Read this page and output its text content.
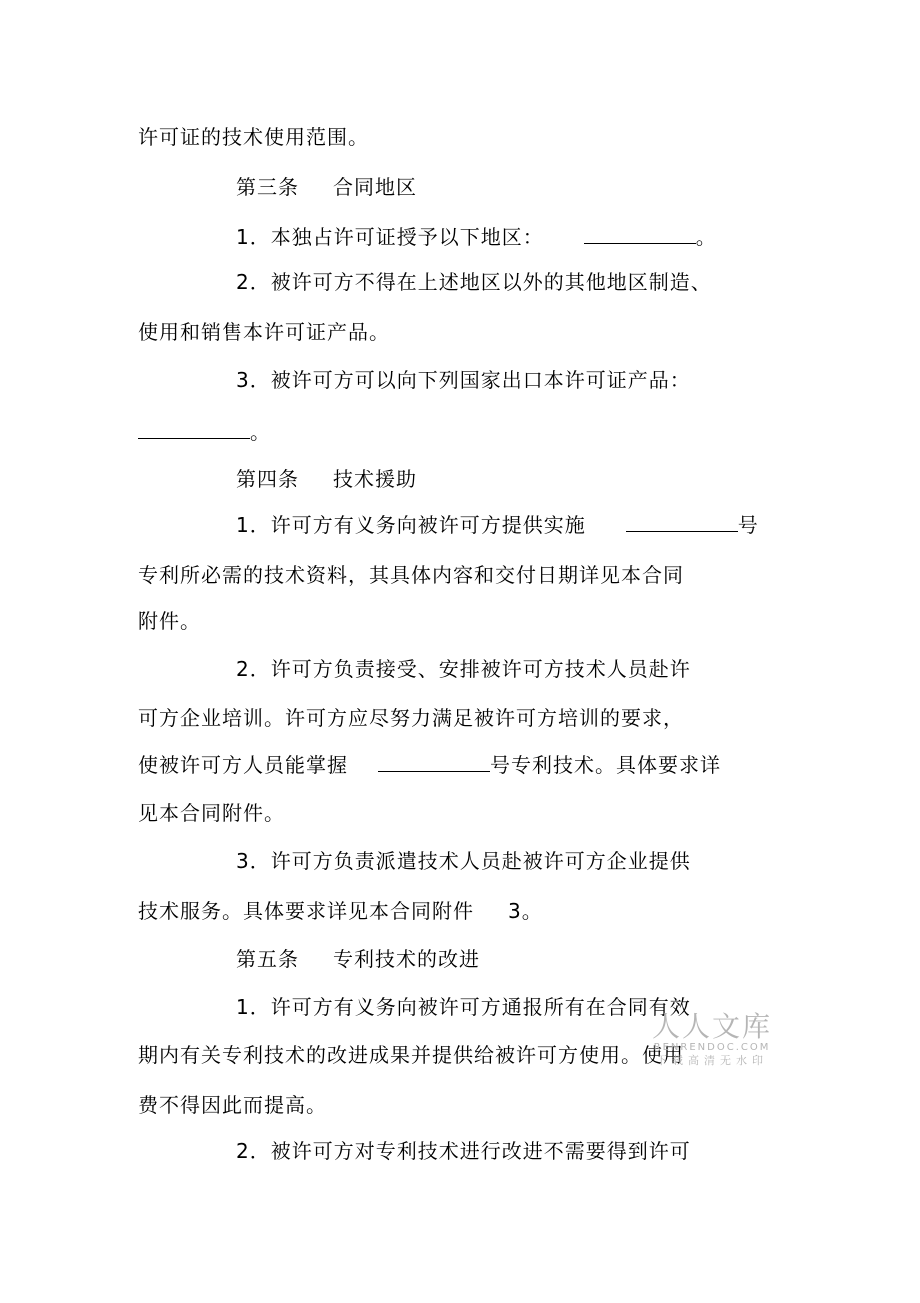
许可证的技术使用范围。
第三条 合同地区
1．本独占许可证授予以下地区：	。
2．被许可方不得在上述地区以外的其他地区制造、
使用和销售本许可证产品。
3．被许可方可以向下列国家出口本许可证产品：
。
第四条 技术援助
1．许可方有义务向被许可方提供实施	号
专利所必需的技术资料，其具体内容和交付日期详见本合同
附件。
2．许可方负责接受、安排被许可方技术人员赴许
可方企业培训。许可方应尽努力满足被许可方培训的要求，
使被许可方人员能掌握	号专利技术。具体要求详
见本合同附件。
3．许可方负责派遣技术人员赴被许可方企业提供
技术服务。具体要求详见本合同附件 3。
第五条 专利技术的改进
1．许可方有义务向被许可方通报所有在合同有效
期内有关专利技术的改进成果并提供给被许可方使用。使用
费不得因此而提高。
2．被许可方对专利技术进行改进不需要得到许可
人人文库
RENRENDOC.COM
下载高清无水印
